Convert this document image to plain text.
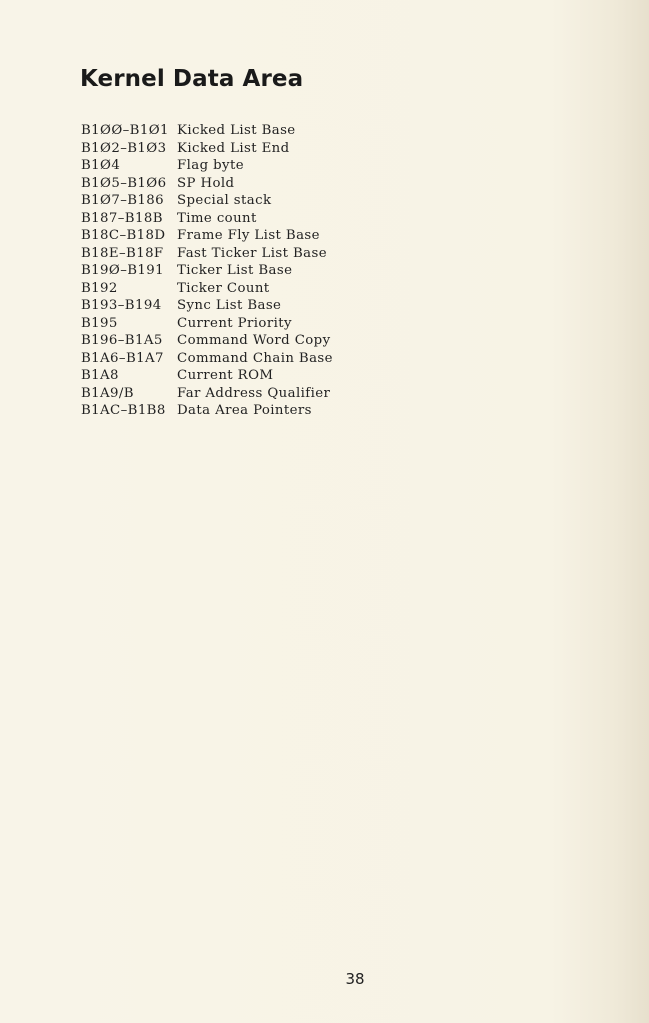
Kernel Data Area
B1ØØ–B1Ø1 Kicked List Base
B1Ø2–B1Ø3 Kicked List End
B1Ø4	Flag byte
B1Ø5–B1Ø6 SP Hold
B1Ø7–B186 Special stack
B187–B18B Time count
B18C–B18D Frame Fly List Base
B18E–B18F Fast Ticker List Base
B19Ø–B191 Ticker List Base
B192	Ticker Count
B193–B194 Sync List Base
B195	Current Priority
B196–B1A5 Command Word Copy
B1A6–B1A7 Command Chain Base
B1A8	Current ROM
B1A9/B	Far Address Qualifier
B1AC–B1B8 Data Area Pointers
38
